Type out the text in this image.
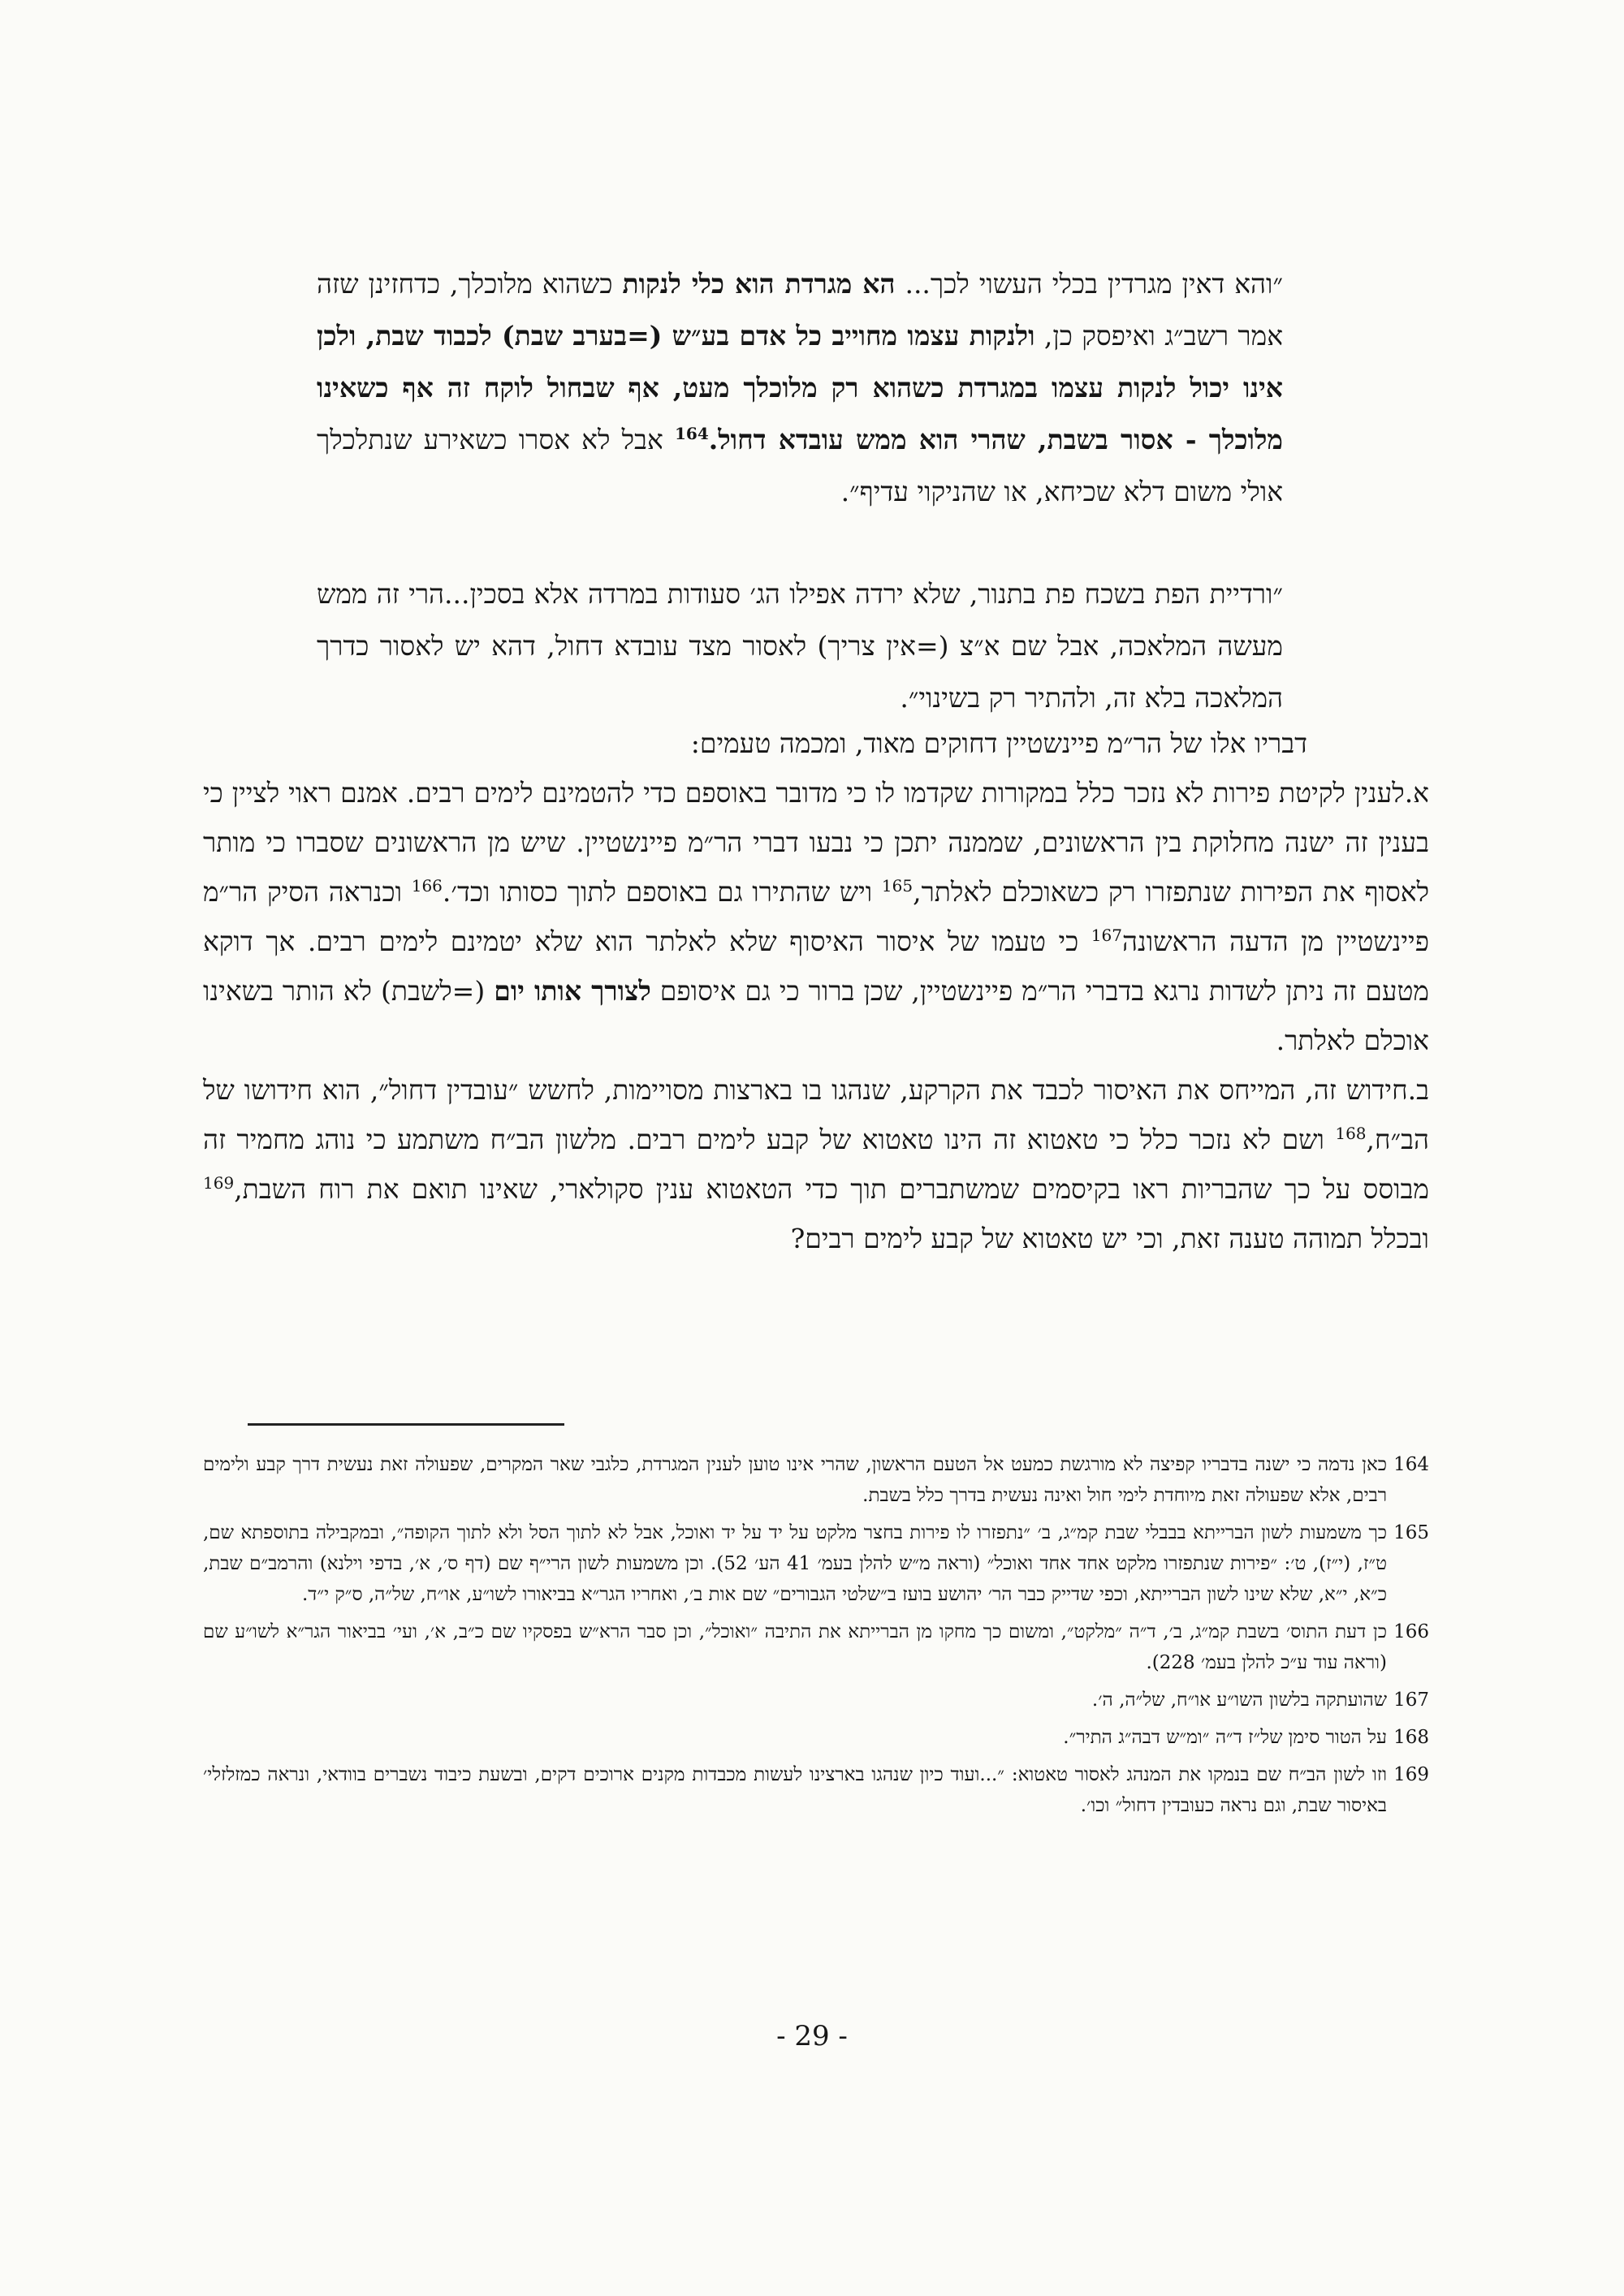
״והא דאין מגרדין בכלי העשוי לכך... הא מגרדת הוא כלי לנקות כשהוא מלוכלך, כדחזינן שזה אמר רשב״ג ואיפסק כן, ולנקות עצמו מחוייב כל אדם בע״ש (=בערב שבת) לכבוד שבת, ולכן אינו יכול לנקות עצמו במגרדת כשהוא רק מלוכלך מעט, אף שבחול לוקח זה אף כשאינו מלוכלך - אסור בשבת, שהרי הוא ממש עובדא דחול.$^{164}$ אבל לא אסרו כשאירע שנתלכלך אולי משום דלא שכיחא, או שהניקוי עדיף״.
״ורדיית הפת בשכח פת בתנור, שלא ירדה אפילו הג׳ סעודות במרדה אלא בסכין...הרי זה ממש מעשה המלאכה, אבל שם א״צ (=אין צריך) לאסור מצד עובדא דחול, דהא יש לאסור כדרך המלאכה בלא זה, ולהתיר רק בשינוי״.
דבריו אלו של הר״מ פיינשטיין דחוקים מאוד, ומכמה טעמים:
א.לענין לקיטת פירות לא נזכר כלל במקורות שקדמו לו כי מדובר באוספם כדי להטמינם לימים רבים. אמנם ראוי לציין כי בענין זה ישנה מחלוקת בין הראשונים, שממנה יתכן כי נבעו דברי הר״מ פיינשטיין. שיש מן הראשונים שסברו כי מותר לאסוף את הפירות שנתפזרו רק כשאוכלם לאלתר,$^{165}$ ויש שהתירו גם באוספם לתוך כסותו וכד׳.$^{166}$ וכנראה הסיק הר״מ פיינשטיין מן הדעה הראשונה$^{167}$ כי טעמו של איסור האיסוף שלא לאלתר הוא שלא יטמינם לימים רבים. אך דוקא מטעם זה ניתן לשדות נרגא בדברי הר״מ פיינשטיין, שכן ברור כי גם איסופם לצורך אותו יום (=לשבת) לא הותר בשאינו אוכלם לאלתר.
ב.חידוש זה, המייחס את האיסור לכבד את הקרקע, שנהגו בו בארצות מסויימות, לחשש ״עובדין דחול״, הוא חידושו של הב״ח,$^{168}$ ושם לא נזכר כלל כי טאטוא זה הינו טאטוא של קבע לימים רבים. מלשון הב״ח משתמע כי נוהג מחמיר זה מבוסס על כך שהבריות ראו בקיסמים שמשתברים תוך כדי הטאטוא ענין סקולארי, שאינו תואם את רוח השבת,$^{169}$ ובכלל תמוהה טענה זאת, וכי יש טאטוא של קבע לימים רבים?
164
כאן נדמה כי ישנה בדבריו קפיצה לא מורגשת כמעט אל הטעם הראשון, שהרי אינו טוען לענין המגרדת, כלגבי שאר המקרים, שפעולה זאת נעשית דרך קבע ולימים רבים, אלא שפעולה זאת מיוחדת לימי חול ואינה נעשית בדרך כלל בשבת.
165
כך משמעות לשון הברייתא בבבלי שבת קמ״ג, ב׳ ״נתפזרו לו פירות בחצר מלקט על יד על יד ואוכל, אבל לא לתוך הסל ולא לתוך הקופה״, ובמקבילה בתוספתא שם, ט״ז, (י״ז), ט׳: ״פירות שנתפזרו מלקט אחד אחד ואוכל״ (וראה מ״ש להלן בעמ׳ 41 הע׳ 52). וכן משמעות לשון הרי״ף שם (דף ס׳, א׳, בדפי וילנא) והרמב״ם שבת, כ״א, י״א, שלא שינו לשון הברייתא, וכפי שדייק כבר הר׳ יהושע בועז ב״שלטי הגבורים״ שם אות ב׳, ואחריו הגר״א בביאורו לשו״ע, או״ח, של״ה, ס״ק י״ד.
166
כן דעת התוס׳ בשבת קמ״ג, ב׳, ד״ה ״מלקט״, ומשום כך מחקו מן הברייתא את התיבה ״ואוכל״, וכן סבר הרא״ש בפסקיו שם כ״ב, א׳, ועי׳ בביאור הגר״א לשו״ע שם (וראה עוד ע״כ להלן בעמ׳ 228).
167
שהועתקה בלשון השו״ע או״ח, של״ה, ה׳.
168
על הטור סימן של״ז ד״ה ״ומ״ש דבה״ג התיר״.
169
וזו לשון הב״ח שם בנמקו את המנהג לאסור טאטוא: ״...ועוד כיון שנהגו בארצינו לעשות מכבדות מקנים ארוכים דקים, ובשעת כיבוד נשברים בוודאי, ונראה כמזלזלי׳ באיסור שבת, וגם נראה כעובדין דחול״ וכו׳.
- 29 -
